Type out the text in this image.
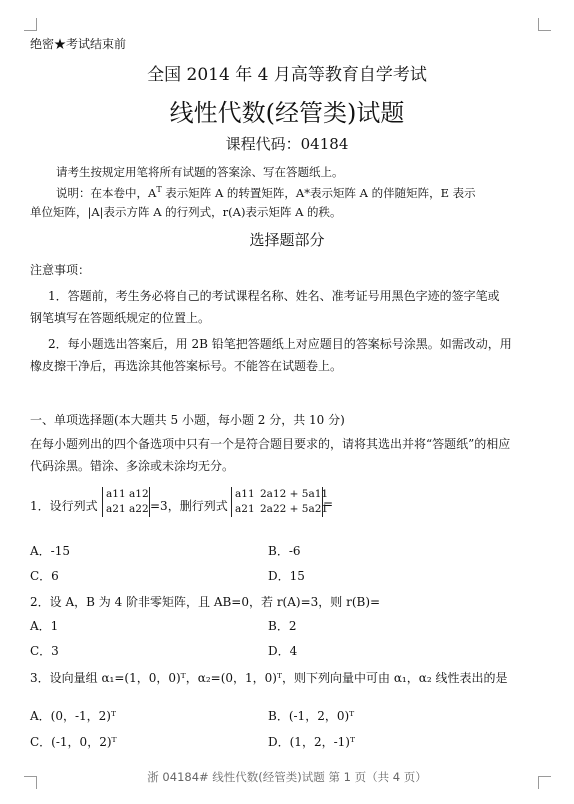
绝密★考试结束前
全国 2014 年 4 月高等教育自学考试
线性代数(经管类)试题
课程代码：04184
请考生按规定用笔将所有试题的答案涂、写在答题纸上。
说明：在本卷中，$A^T$ 表示矩阵 A 的转置矩阵，A*表示矩阵 A 的伴随矩阵，E 表示
单位矩阵，|A|表示方阵 A 的行列式，r(A)表示矩阵 A 的秩。
选择题部分
注意事项：
1．答题前，考生务必将自己的考试课程名称、姓名、准考证号用黑色字迹的签字笔或
钢笔填写在答题纸规定的位置上。
2．每小题选出答案后，用 2B 铅笔把答题纸上对应题目的答案标号涂黑。如需改动，用
橡皮擦干净后，再选涂其他答案标号。不能答在试题卷上。
一、单项选择题(本大题共 5 小题，每小题 2 分，共 10 分)
在每小题列出的四个备选项中只有一个是符合题目要求的，请将其选出并将“答题纸”的相应
代码涂黑。错涂、多涂或未涂均无分。
1．设行列式
a11 a12
a21 a22 =3，删行列式
a11 2a12 + 5a11
a21 2a22 + 5a21
=
A．-15	B．-6
C．6	D．15
2．设 A，B 为 4 阶非零矩阵，且 AB=0，若 r(A)=3，则 r(B)=
A．1	B．2
C．3	D．4
3．设向量组 α₁=(1，0，0)ᵀ，α₂=(0，1，0)ᵀ，则下列向量中可由 α₁，α₂ 线性表出的是
A．(0，-1，2)ᵀ	B．(-1，2，0)ᵀ
C．(-1，0，2)ᵀ	D．(1，2，-1)ᵀ
浙 04184# 线性代数(经管类)试题 第 1 页（共 4 页）
